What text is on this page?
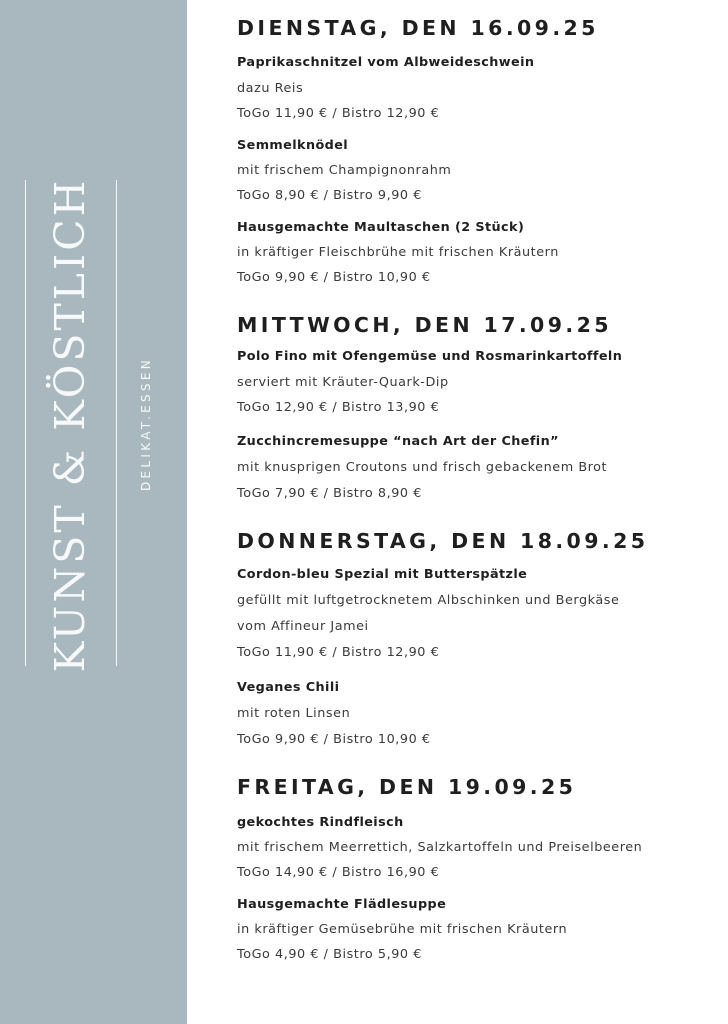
KUNST & KÖSTLICH	DELIKAT.ESSEN
DIENSTAG, DEN 16.09.25

Paprikaschnitzel vom Albweideschwein

dazu Reis

ToGo 11,90 € / Bistro 12,90 €

Semmelknödel

mit frischem Champignonrahm

ToGo 8,90 € / Bistro 9,90 €

Hausgemachte Maultaschen (2 Stück)

in kräftiger Fleischbrühe mit frischen Kräutern

ToGo 9,90 € / Bistro 10,90 €

MITTWOCH, DEN 17.09.25

Polo Fino mit Ofengemüse und Rosmarinkartoffeln

serviert mit Kräuter-Quark-Dip

ToGo 12,90 € / Bistro 13,90 €

Zucchincremesuppe “nach Art der Chefin”

mit knusprigen Croutons und frisch gebackenem Brot

ToGo 7,90 € / Bistro 8,90 €

DONNERSTAG, DEN 18.09.25

Cordon-bleu Spezial mit Butterspätzle

gefüllt mit luftgetrocknetem Albschinken und Bergkäse

vom Affineur Jamei

ToGo 11,90 € / Bistro 12,90 €

Veganes Chili

mit roten Linsen

ToGo 9,90 € / Bistro 10,90 €

FREITAG, DEN 19.09.25

gekochtes Rindfleisch

mit frischem Meerrettich, Salzkartoffeln und Preiselbeeren

ToGo 14,90 € / Bistro 16,90 €

Hausgemachte Flädlesuppe

in kräftiger Gemüsebrühe mit frischen Kräutern

ToGo 4,90 € / Bistro 5,90 €
